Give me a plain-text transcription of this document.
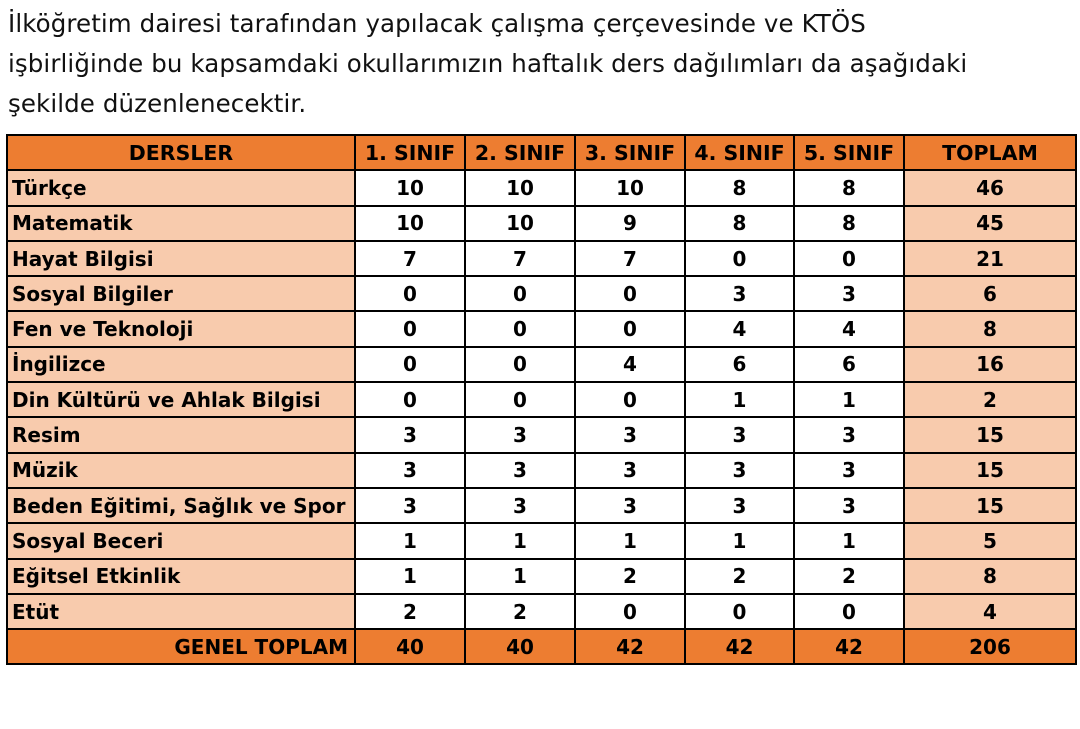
İlköğretim dairesi tarafından yapılacak çalışma çerçevesinde ve KTÖS
işbirliğinde bu kapsamdaki okullarımızın haftalık ders dağılımları da aşağıdaki
şekilde düzenlenecektir.
DERSLER	1. SINIF	2. SINIF	3. SINIF	4. SINIF	5. SINIF	TOPLAM
Türkçe	10	10	10	8	8	46
Matematik	10	10	9	8	8	45
Hayat Bilgisi	7	7	7	0	0	21
Sosyal Bilgiler	0	0	0	3	3	6
Fen ve Teknoloji	0	0	0	4	4	8
İngilizce	0	0	4	6	6	16
Din Kültürü ve Ahlak Bilgisi	0	0	0	1	1	2
Resim	3	3	3	3	3	15
Müzik	3	3	3	3	3	15
Beden Eğitimi, Sağlık ve Spor	3	3	3	3	3	15
Sosyal Beceri	1	1	1	1	1	5
Eğitsel Etkinlik	1	1	2	2	2	8
Etüt	2	2	0	0	0	4
GENEL TOPLAM	40	40	42	42	42	206
